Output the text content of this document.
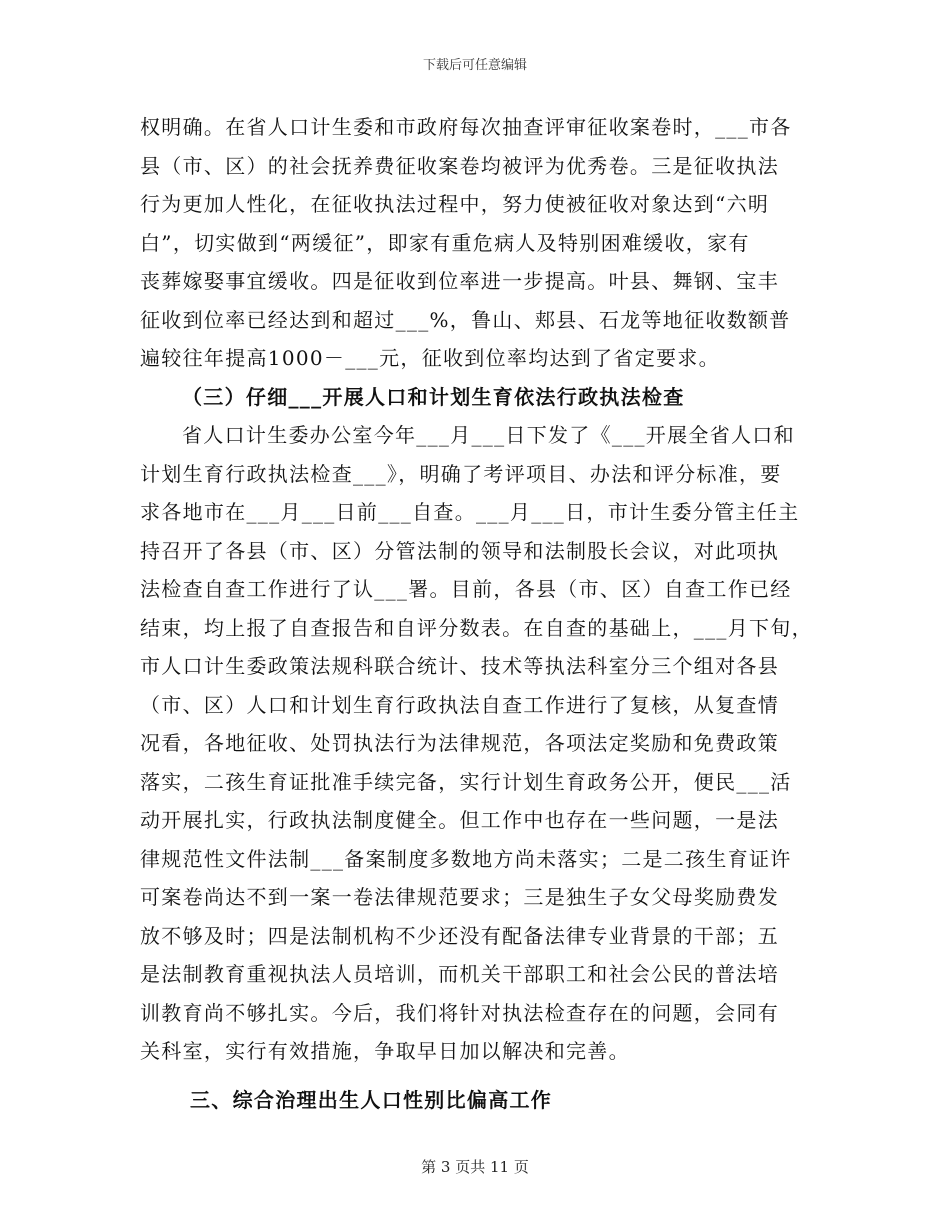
下载后可任意编辑
权明确。在省人口计生委和市政府每次抽查评审征收案卷时，___市各
县（市、区）的社会抚养费征收案卷均被评为优秀卷。三是征收执法
行为更加人性化，在征收执法过程中，努力使被征收对象达到“六明
白”，切实做到“两缓征”，即家有重危病人及特别困难缓收，家有
丧葬嫁娶事宜缓收。四是征收到位率进一步提高。叶县、舞钢、宝丰
征收到位率已经达到和超过___%，鲁山、郏县、石龙等地征收数额普
遍较往年提高1000－___元，征收到位率均达到了省定要求。
（三）仔细___开展人口和计划生育依法行政执法检查
省人口计生委办公室今年___月___日下发了《___开展全省人口和
计划生育行政执法检查___》，明确了考评项目、办法和评分标准，要
求各地市在___月___日前___自查。___月___日，市计生委分管主任主
持召开了各县（市、区）分管法制的领导和法制股长会议，对此项执
法检查自查工作进行了认___署。目前，各县（市、区）自查工作已经
结束，均上报了自查报告和自评分数表。在自查的基础上，___月下旬，
市人口计生委政策法规科联合统计、技术等执法科室分三个组对各县
（市、区）人口和计划生育行政执法自查工作进行了复核，从复查情
况看，各地征收、处罚执法行为法律规范，各项法定奖励和免费政策
落实，二孩生育证批准手续完备，实行计划生育政务公开，便民___活
动开展扎实，行政执法制度健全。但工作中也存在一些问题，一是法
律规范性文件法制___备案制度多数地方尚未落实；二是二孩生育证许
可案卷尚达不到一案一卷法律规范要求；三是独生子女父母奖励费发
放不够及时；四是法制机构不少还没有配备法律专业背景的干部；五
是法制教育重视执法人员培训，而机关干部职工和社会公民的普法培
训教育尚不够扎实。今后，我们将针对执法检查存在的问题，会同有
关科室，实行有效措施，争取早日加以解决和完善。
三、综合治理出生人口性别比偏高工作
第 3 页共 11 页
